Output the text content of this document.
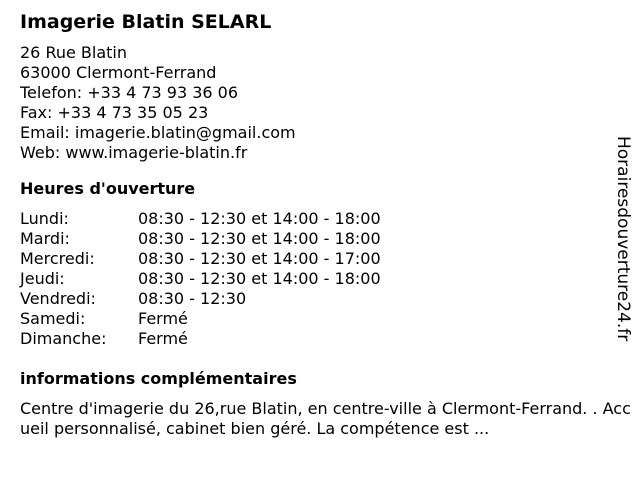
Imagerie Blatin SELARL
26 Rue Blatin
63000 Clermont-Ferrand
Telefon: +33 4 73 93 36 06
Fax: +33 4 73 35 05 23
Email: imagerie.blatin@gmail.com
Web: www.imagerie-blatin.fr
Heures d'ouverture
Lundi:	08:30 - 12:30 et 14:00 - 18:00
Mardi:	08:30 - 12:30 et 14:00 - 18:00
Mercredi:	08:30 - 12:30 et 14:00 - 17:00
Jeudi:	08:30 - 12:30 et 14:00 - 18:00
Vendredi:	08:30 - 12:30
Samedi:	Fermé
Dimanche:	Fermé
informations complémentaires
Centre d'imagerie du 26,rue Blatin, en centre-ville à Clermont-Ferrand. . Accueil personnalisé, cabinet bien géré. La compétence est ...
Horairesdouverture24.fr
